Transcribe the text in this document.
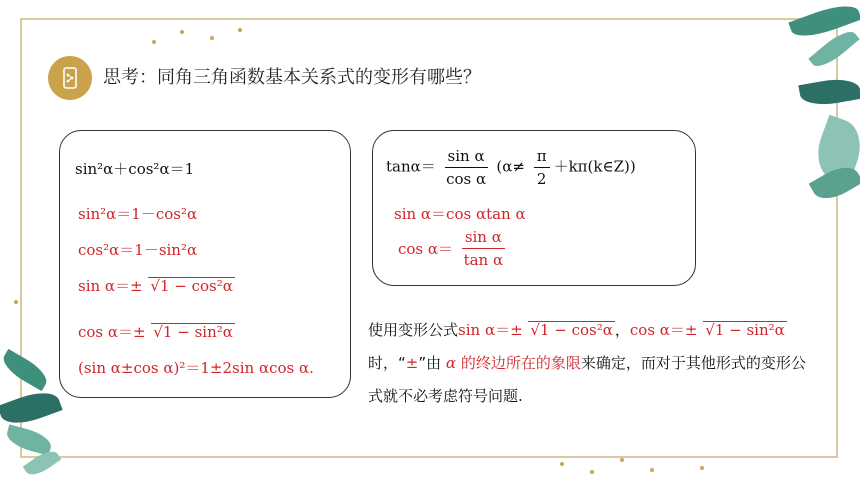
思考：同角三角函数基本关系式的变形有哪些？
sin²α＋cos²α＝1
sin²α＝1－cos²α
cos²α＝1－sin²α
sin α＝± √1 − cos²α
cos α＝± √1 − sin²α
(sin α±cos α)²＝1±2sin αcos α.
$\tan\alpha= \frac{\text{sin α}}{\text{cos α}} (\alpha\ne \frac{\pi}{2}$ ＋kπ(k∈Z))
sin α＝cos αtan α
$\cos \alpha= \frac{\text{sin α}}{\text{tan α}}$
使用变形公式sin α＝± √1 − cos²α ，cos α＝± √1 − sin²α
时，“±”由 α 的终边所在的象限来确定，而对于其他形式的变形公式就不必考虑符号问题.
